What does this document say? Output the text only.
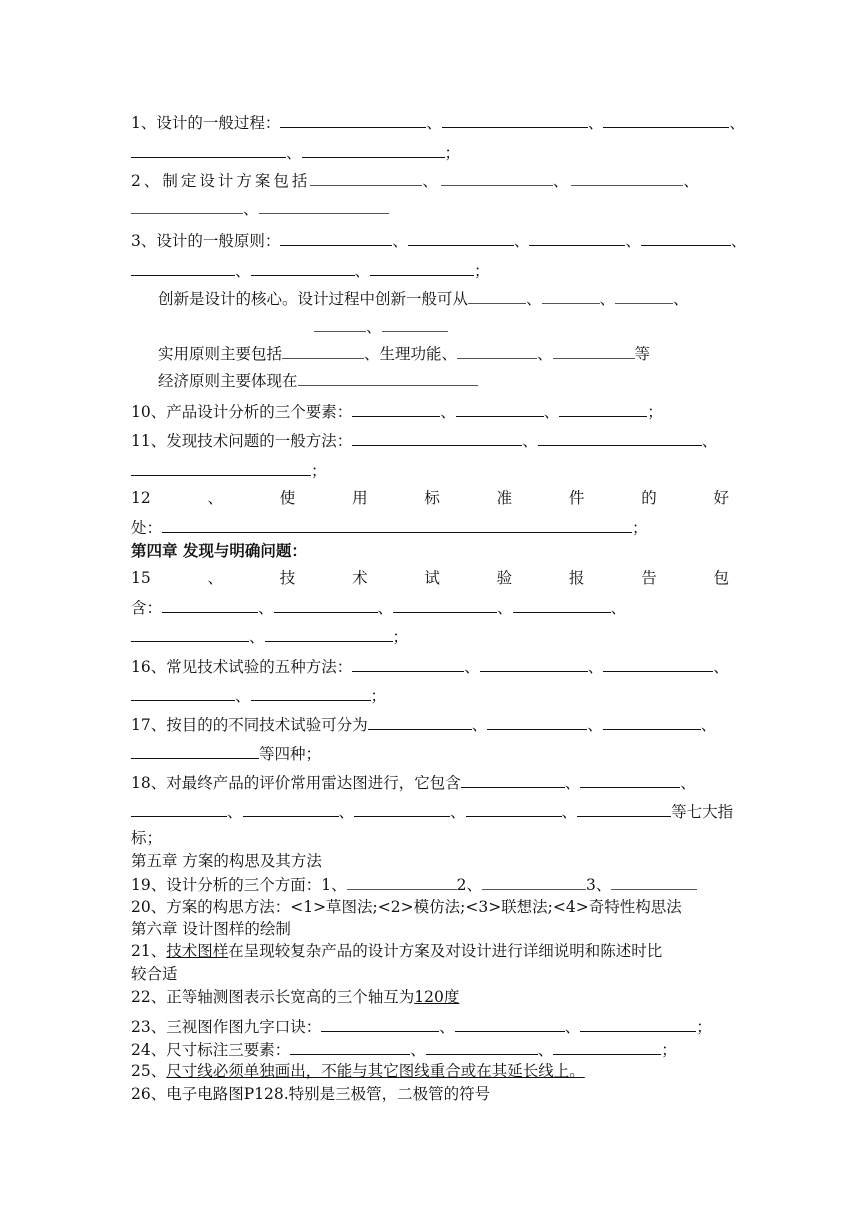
1、设计的一般过程：	、	、	、
、	；
2、制定设计方案包括	、	、	、
、
3、设计的一般原则：	、	、	、	、
、	、	；
创新是设计的核心。设计过程中创新一般可从	、	、	、
、
实用原则主要包括	、生理功能、	、	等
经济原则主要体现在
10、产品设计分析的三个要素：	、	、	；
11、发现技术问题的一般方法：	、	、
；
12	、	使	用	标	准	件	的	好
处：	；
第四章 发现与明确问题：
15	、	技	术	试	验	报	告	包
含：	、	、	、	、
、	；
16、常见技术试验的五种方法：	、	、	、
、	；
17、按目的的不同技术试验可分为	、	、	、
等四种；
18、对最终产品的评价常用雷达图进行，它包含	、	、
、	、	、	、	等七大指
标；
第五章 方案的构思及其方法
19、设计分析的三个方面：1、	2、	3、
20、方案的构思方法：<1>草图法;<2>模仿法;<3>联想法;<4>奇特性构思法
第六章 设计图样的绘制
21、技术图样在呈现较复杂产品的设计方案及对设计进行详细说明和陈述时比
较合适
22、正等轴测图表示长宽高的三个轴互为120度
23、三视图作图九字口诀：	、	、	；
24、尺寸标注三要素：	、	、	；
25、尺寸线必须单独画出，不能与其它图线重合或在其延长线上。
26、电子电路图P128.特别是三极管，二极管的符号
